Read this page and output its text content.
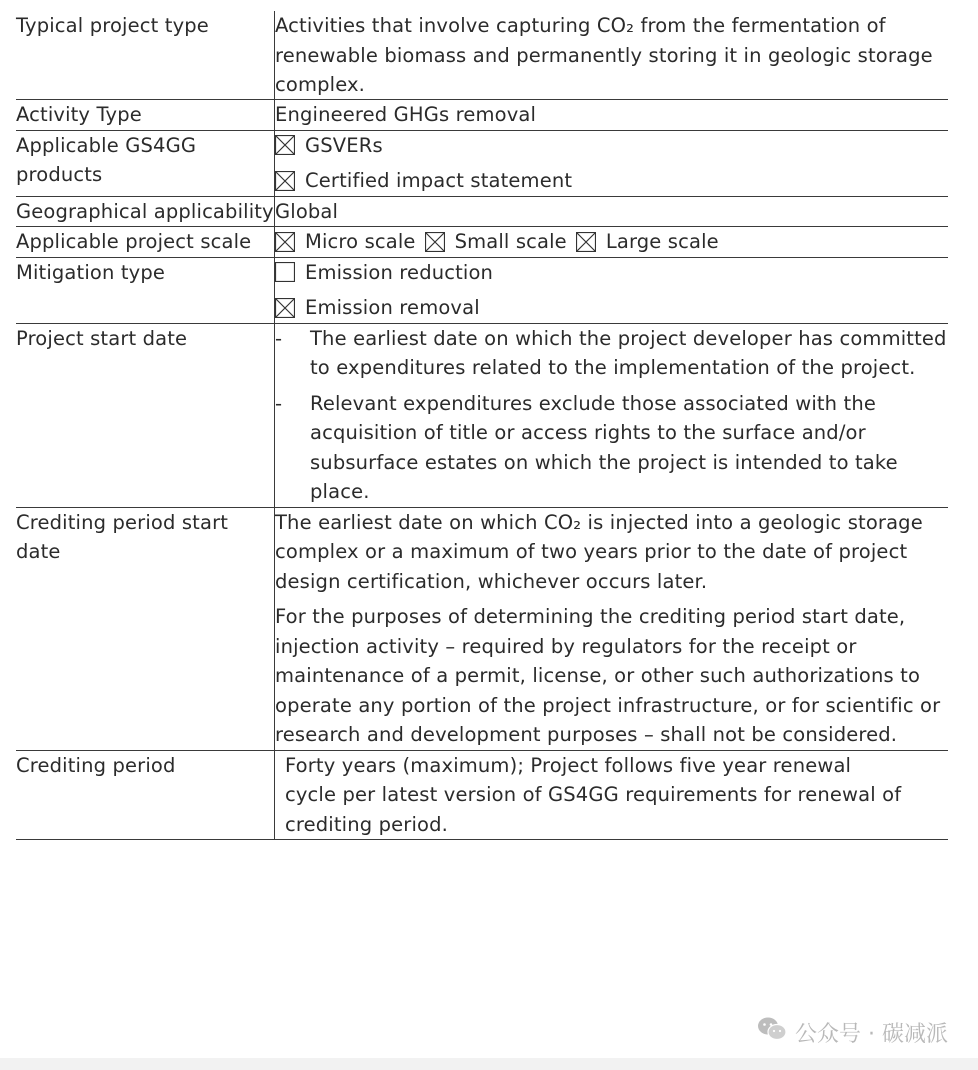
Typical project type	Activities that involve capturing CO₂ from the fermentation of renewable biomass and permanently storing it in geologic storage complex.

Activity Type	Engineered GHGs removal
Applicable GS4GG products	GSVERs
Certified impact statement

Geographical applicability	Global
Applicable project scale	Micro scale Small scale Large scale

Mitigation type	Emission reduction
Emission removal

Project start date	- The earliest date on which the project developer has committed to expenditures related to the implementation of the project.
- Relevant expenditures exclude those associated with the acquisition of title or access rights to the surface and/or subsurface estates on which the project is intended to take place.

Crediting period start date	The earliest date on which CO₂ is injected into a geologic storage complex or a maximum of two years prior to the date of project design certification, whichever occurs later.
For the purposes of determining the crediting period start date, injection activity – required by regulators for the receipt or maintenance of a permit, license, or other such authorizations to operate any portion of the project infrastructure, or for scientific or research and development purposes – shall not be considered.

Crediting period	Forty years (maximum); Project follows five year renewal cycle per latest version of GS4GG requirements for renewal of crediting period.
公众号 · 碳减派
